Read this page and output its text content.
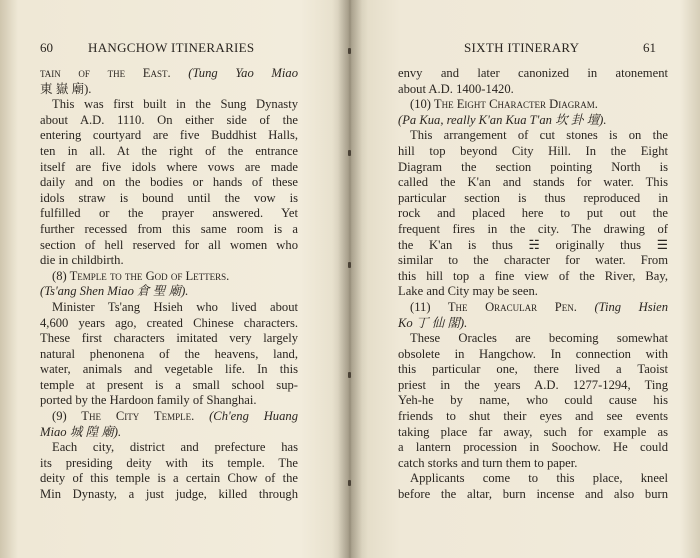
60	HANGCHOW ITINERARIES
tain of the East. (Tung Yao Miao
東 嶽 廟).
This was first built in the Sung Dynasty
about A.D. 1110. On either side of the
entering courtyard are five Buddhist Halls,
ten in all. At the right of the entrance
itself are five idols where vows are made
daily and on the bodies or hands of these
idols straw is bound until the vow is
fulfilled or the prayer answered. Yet
further recessed from this same room is a
section of hell reserved for all women who
die in childbirth.
(8) Temple to the God of Letters.
(Ts'ang Shen Miao 倉 聖 廟).
Minister Ts'ang Hsieh who lived about
4,600 years ago, created Chinese characters.
These first characters imitated very largely
natural phenonena of the heavens, land,
water, animals and vegetable life. In this
temple at present is a small school sup-
ported by the Hardoon family of Shanghai.
(9) The City Temple. (Ch'eng Huang
Miao 城 隍 廟).
Each city, district and prefecture has
its presiding deity with its temple. The
deity of this temple is a certain Chow of the
Min Dynasty, a just judge, killed through
SIXTH ITINERARY	61
envy and later canonized in atonement
about A.D. 1400-1420.
(10) The Eight Character Diagram.
(Pa Kua, really K'an Kua T'an 坎 卦 壇).
This arrangement of cut stones is on the
hill top beyond City Hill. In the Eight
Diagram the section pointing North is
called the K'an and stands for water. This
particular section is thus reproduced in
rock and placed here to put out the
frequent fires in the city. The drawing of
the K'an is thus ☵ originally thus ☰
similar to the character for water. From
this hill top a fine view of the River, Bay,
Lake and City may be seen.
(11) The Oracular Pen. (Ting Hsien
Ko 丁 仙 閣).
These Oracles are becoming somewhat
obsolete in Hangchow. In connection with
this particular one, there lived a Taoist
priest in the years A.D. 1277-1294, Ting
Yeh-he by name, who could cause his
friends to shut their eyes and see events
taking place far away, such for example as
a lantern procession in Soochow. He could
catch storks and turn them to paper.
Applicants come to this place, kneel
before the altar, burn incense and also burn
